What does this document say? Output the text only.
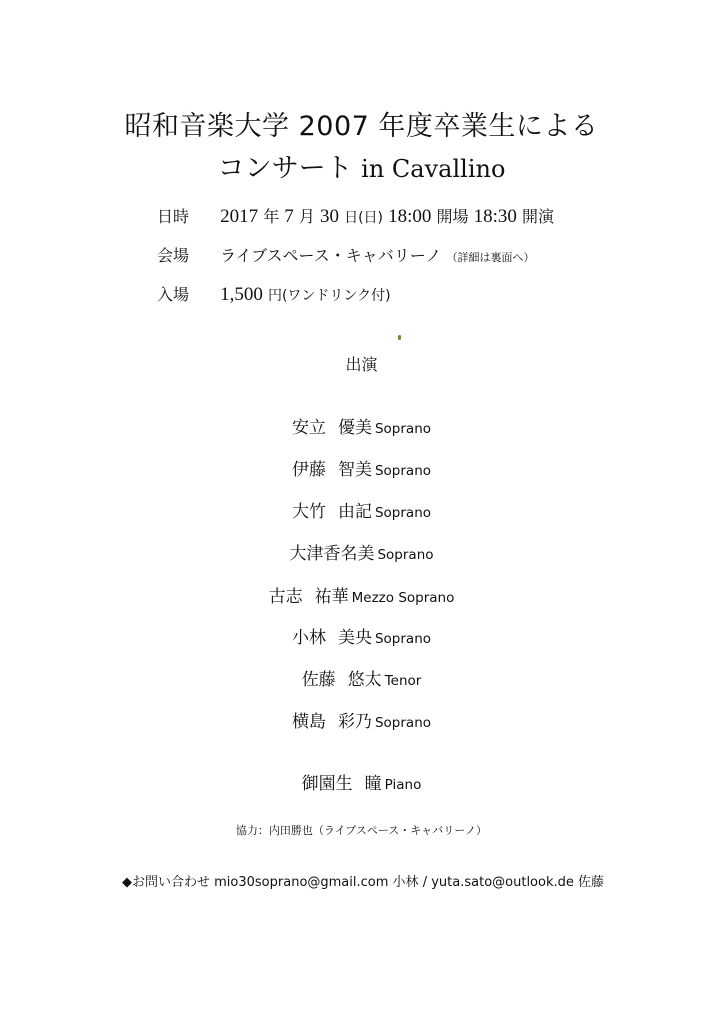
昭和音楽大学 2007 年度卒業生による
コンサート in Cavallino
日時 2017 年 7 月 30 日(日) 18:00 開場 18:30 開演
会場 ライブスペース・キャバリーノ （詳細は裏面へ）
入場 1,500 円(ワンドリンク付)
出演
安立 優美 Soprano
伊藤 智美 Soprano
大竹 由記 Soprano
大津香名美 Soprano
古志 祐華 Mezzo Soprano
小林 美央 Soprano
佐藤 悠太 Tenor
横島 彩乃 Soprano
御園生 瞳 Piano
協力：内田勝也（ライブスペース・キャバリーノ）
◆お問い合わせ mio30soprano@gmail.com 小林 / yuta.sato@outlook.de 佐藤
